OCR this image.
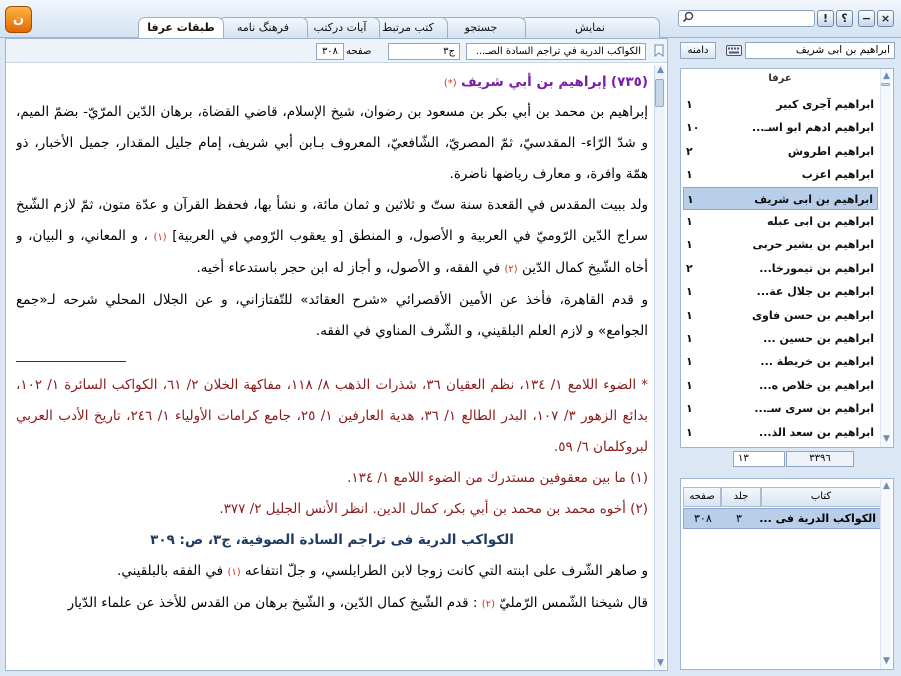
×
−
؟
!
نمایش
جستجو
کتب مرتبط
آیات درکتب
فرهنگ نامه
طبقات عرفا
ن
الكواكب الدرية في تراجم السادة الصـ...
ج٣
صفحه
٣٠٨

(٧٣٥) إبراهيم بن أبي شريف (*)

إبراهيم بن محمد بن أبي بكر بن مسعود بن رضوان، شيخ الإسلام، قاضي القضاة، برهان الدّين المرّيّ- بضمّ الميم، و شدّ الرّاء- المقدسيّ، ثمّ المصريّ، الشّافعيّ، المعروف بـابن أبي شريف، إمام جليل المقدار، جميل الأخبار، ذو همّة وافرة، و معارف رياضها ناضرة.

ولد ببيت المقدس في القعدة سنة ستّ و ثلاثين و ثمان مائة، و نشأ بها، فحفظ القرآن و عدّة متون، ثمّ لازم الشّيخ سراج الدّين الرّوميّ في العربية و الأصول، و المنطق [و يعقوب الرّومي في العربية] (١) ، و المعاني، و البيان، و أخاه الشّيخ كمال الدّين (٢) في الفقه، و الأصول، و أجاز له ابن حجر باستدعاء أخيه.

و قدم القاهرة، فأخذ عن الأمين الأقصرائي «شرح العقائد» للتّفتازاني، و عن الجلال المحلي شرحه لـ«جمع الجوامع» و لازم العلم البلقيني، و الشّرف المناوي في الفقه.

* الضوء اللامع ١/ ١٣٤، نظم العقيان ٣٦، شذرات الذهب ٨/ ١١٨، مفاكهة الخلان ٢/ ٦١، الكواكب السائرة ١/ ١٠٢، بدائع الزهور ٣/ ١٠٧، البدر الطالع ١/ ٣٦، هدية العارفين ١/ ٢٥، جامع كرامات الأولياء ١/ ٢٤٦، تاريخ الأدب العربي لبروكلمان ٦/ ٥٩.

(١) ما بين معقوفين مستدرك من الضوء اللامع ١/ ١٣٤.

(٢) أخوه محمد بن محمد بن أبي بكر، كمال الدين. انظر الأنس الجليل ٢/ ٣٧٧.

الكواكب الدرية فى تراجم السادة الصوفية، ج٣، ص: ٣٠٩

و صاهر الشّرف على ابنته التي كانت زوجا لابن الطرابلسي، و جلّ انتفاعه (١) في الفقه بالبلقيني.

قال شيخنا الشّمس الرّمليّ (٢) : قدم الشّيخ كمال الدّين، و الشّيخ برهان من القدس للأخذ عن علماء الدّيار

▲
▼
دامنه	ابراهيم بن ابى شريف
عرفا
ابراهيم آجری کبیر
١
ابراهيم ادهم ابو اسـ...
١٠
ابراهيم اطروش
٢
ابراهيم اعزب
١
ابراهيم بن ابى شريف
١
ابراهيم بن ابى عبله
١
ابراهيم بن بشير حربى
١
ابراهيم بن تيمورخا...
٢
ابراهيم بن جلال عة...
١
ابراهيم بن حسن فاوى
١
ابراهيم بن حسين ...
١
ابراهيم بن خريطة ...
١
ابراهيم بن خلاص ه...
١
ابراهيم بن سرى سـ...
١
ابراهيم بن سعد الذ...
١
▲
▼
١٣	٣٣٩٦
کتاب
جلد
صفحه
الكواكب الدرية فى ...
٣
٣٠٨
▲
▼
